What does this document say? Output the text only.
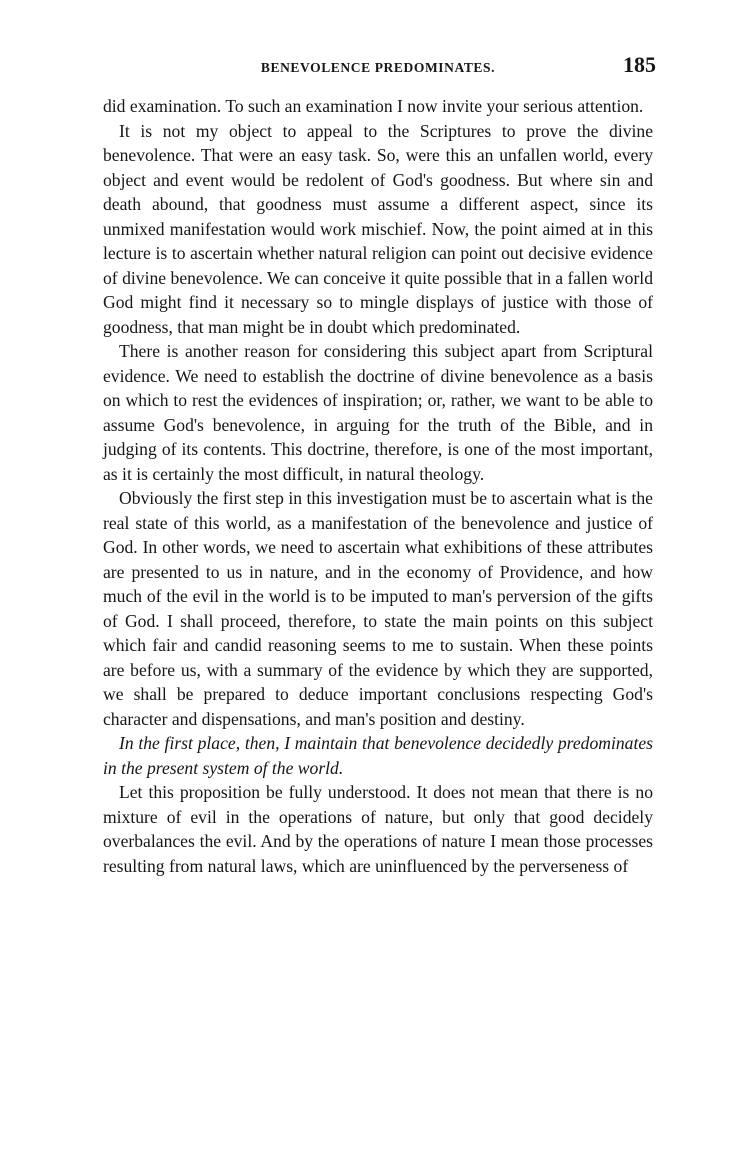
BENEVOLENCE PREDOMINATES.	185

did examination. To such an examination I now invite your serious attention.

It is not my object to appeal to the Scriptures to prove the divine benevolence. That were an easy task. So, were this an unfallen world, every object and event would be redolent of God's goodness. But where sin and death abound, that goodness must assume a different aspect, since its unmixed manifestation would work mischief. Now, the point aimed at in this lecture is to ascertain whether natural religion can point out decisive evidence of divine benevolence. We can conceive it quite possible that in a fallen world God might find it necessary so to mingle displays of justice with those of goodness, that man might be in doubt which predominated.

There is another reason for considering this subject apart from Scriptural evidence. We need to establish the doctrine of divine benevolence as a basis on which to rest the evidences of inspiration; or, rather, we want to be able to assume God's benevolence, in arguing for the truth of the Bible, and in judging of its contents. This doctrine, therefore, is one of the most important, as it is certainly the most difficult, in natural theology.

Obviously the first step in this investigation must be to ascertain what is the real state of this world, as a manifestation of the benevolence and justice of God. In other words, we need to ascertain what exhibitions of these attributes are presented to us in nature, and in the economy of Providence, and how much of the evil in the world is to be imputed to man's perversion of the gifts of God. I shall proceed, therefore, to state the main points on this subject which fair and candid reasoning seems to me to sustain. When these points are before us, with a summary of the evidence by which they are supported, we shall be prepared to deduce important conclusions respecting God's character and dispensations, and man's position and destiny.

In the first place, then, I maintain that benevolence decidedly predominates in the present system of the world.

Let this proposition be fully understood. It does not mean that there is no mixture of evil in the operations of nature, but only that good decidely overbalances the evil. And by the operations of nature I mean those processes resulting from natural laws, which are uninfluenced by the perverseness of
